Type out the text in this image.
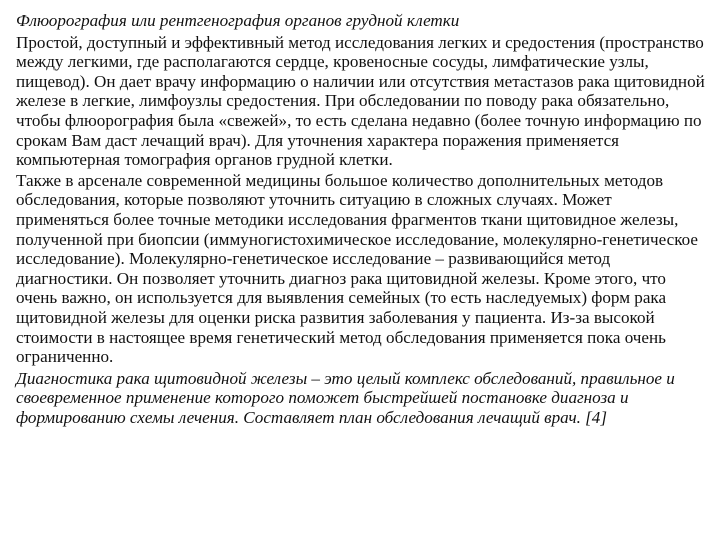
Флюорография или рентгенография органов грудной клетки

Простой, доступный и эффективный метод исследования легких и средостения (пространство между легкими, где располагаются сердце, кровеносные сосуды, лимфатические узлы, пищевод). Он дает врачу информацию о наличии или отсутствия метастазов рака щитовидной железе в легкие, лимфоузлы средостения. При обследовании по поводу рака обязательно, чтобы флюорография была «свежей», то есть сделана недавно (более точную информацию по срокам Вам даст лечащий врач). Для уточнения характера поражения применяется компьютерная томография органов грудной клетки.

Также в арсенале современной медицины большое количество дополнительных методов обследования, которые позволяют уточнить ситуацию в сложных случаях. Может применяться более точные методики исследования фрагментов ткани щитовидное железы, полученной при биопсии (иммуногистохимическое исследование, молекулярно-генетическое исследование). Молекулярно-генетическое исследование – развивающийся метод диагностики. Он позволяет уточнить диагноз рака щитовидной железы. Кроме этого, что очень важно, он используется для выявления семейных (то есть наследуемых) форм рака щитовидной железы для оценки риска развития заболевания у пациента. Из-за высокой стоимости в настоящее время генетический метод обследования применяется пока очень ограниченно.

Диагностика рака щитовидной железы – это целый комплекс обследований, правильное и своевременное применение которого поможет быстрейшей постановке диагноза и формированию схемы лечения. Составляет план обследования лечащий врач. [4]
